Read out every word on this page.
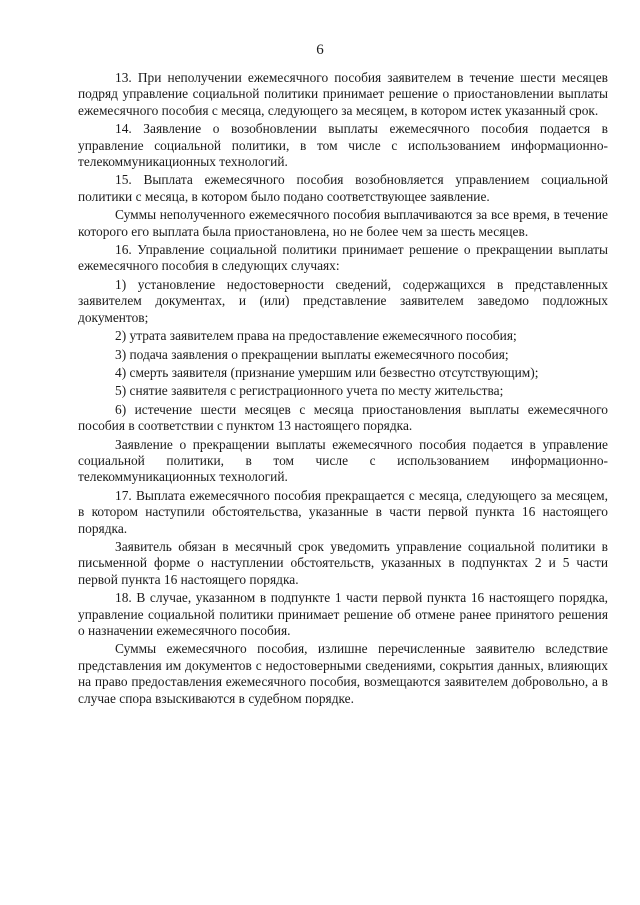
6

13. При неполучении ежемесячного пособия заявителем в течение шести месяцев подряд управление социальной политики принимает решение о приостановлении выплаты ежемесячного пособия с месяца, следующего за месяцем, в котором истек указанный срок.

14. Заявление о возобновлении выплаты ежемесячного пособия подается в управление социальной политики, в том числе с использованием информационно-телекоммуникационных технологий.

15. Выплата ежемесячного пособия возобновляется управлением социальной политики с месяца, в котором было подано соответствующее заявление.

Суммы неполученного ежемесячного пособия выплачиваются за все время, в течение которого его выплата была приостановлена, но не более чем за шесть месяцев.

16. Управление социальной политики принимает решение о прекращении выплаты ежемесячного пособия в следующих случаях:

1) установление недостоверности сведений, содержащихся в представленных заявителем документах, и (или) представление заявителем заведомо подложных документов;

2) утрата заявителем права на предоставление ежемесячного пособия;

3) подача заявления о прекращении выплаты ежемесячного пособия;

4) смерть заявителя (признание умершим или безвестно отсутствующим);

5) снятие заявителя с регистрационного учета по месту жительства;

6) истечение шести месяцев с месяца приостановления выплаты ежемесячного пособия в соответствии с пунктом 13 настоящего порядка.

Заявление о прекращении выплаты ежемесячного пособия подается в управление социальной политики, в том числе с использованием информационно-телекоммуникационных технологий.

17. Выплата ежемесячного пособия прекращается с месяца, следующего за месяцем, в котором наступили обстоятельства, указанные в части первой пункта 16 настоящего порядка.

Заявитель обязан в месячный срок уведомить управление социальной политики в письменной форме о наступлении обстоятельств, указанных в подпунктах 2 и 5 части первой пункта 16 настоящего порядка.

18. В случае, указанном в подпункте 1 части первой пункта 16 настоящего порядка, управление социальной политики принимает решение об отмене ранее принятого решения о назначении ежемесячного пособия.

Суммы ежемесячного пособия, излишне перечисленные заявителю вследствие представления им документов с недостоверными сведениями, сокрытия данных, влияющих на право предоставления ежемесячного пособия, возмещаются заявителем добровольно, а в случае спора взыскиваются в судебном порядке.
